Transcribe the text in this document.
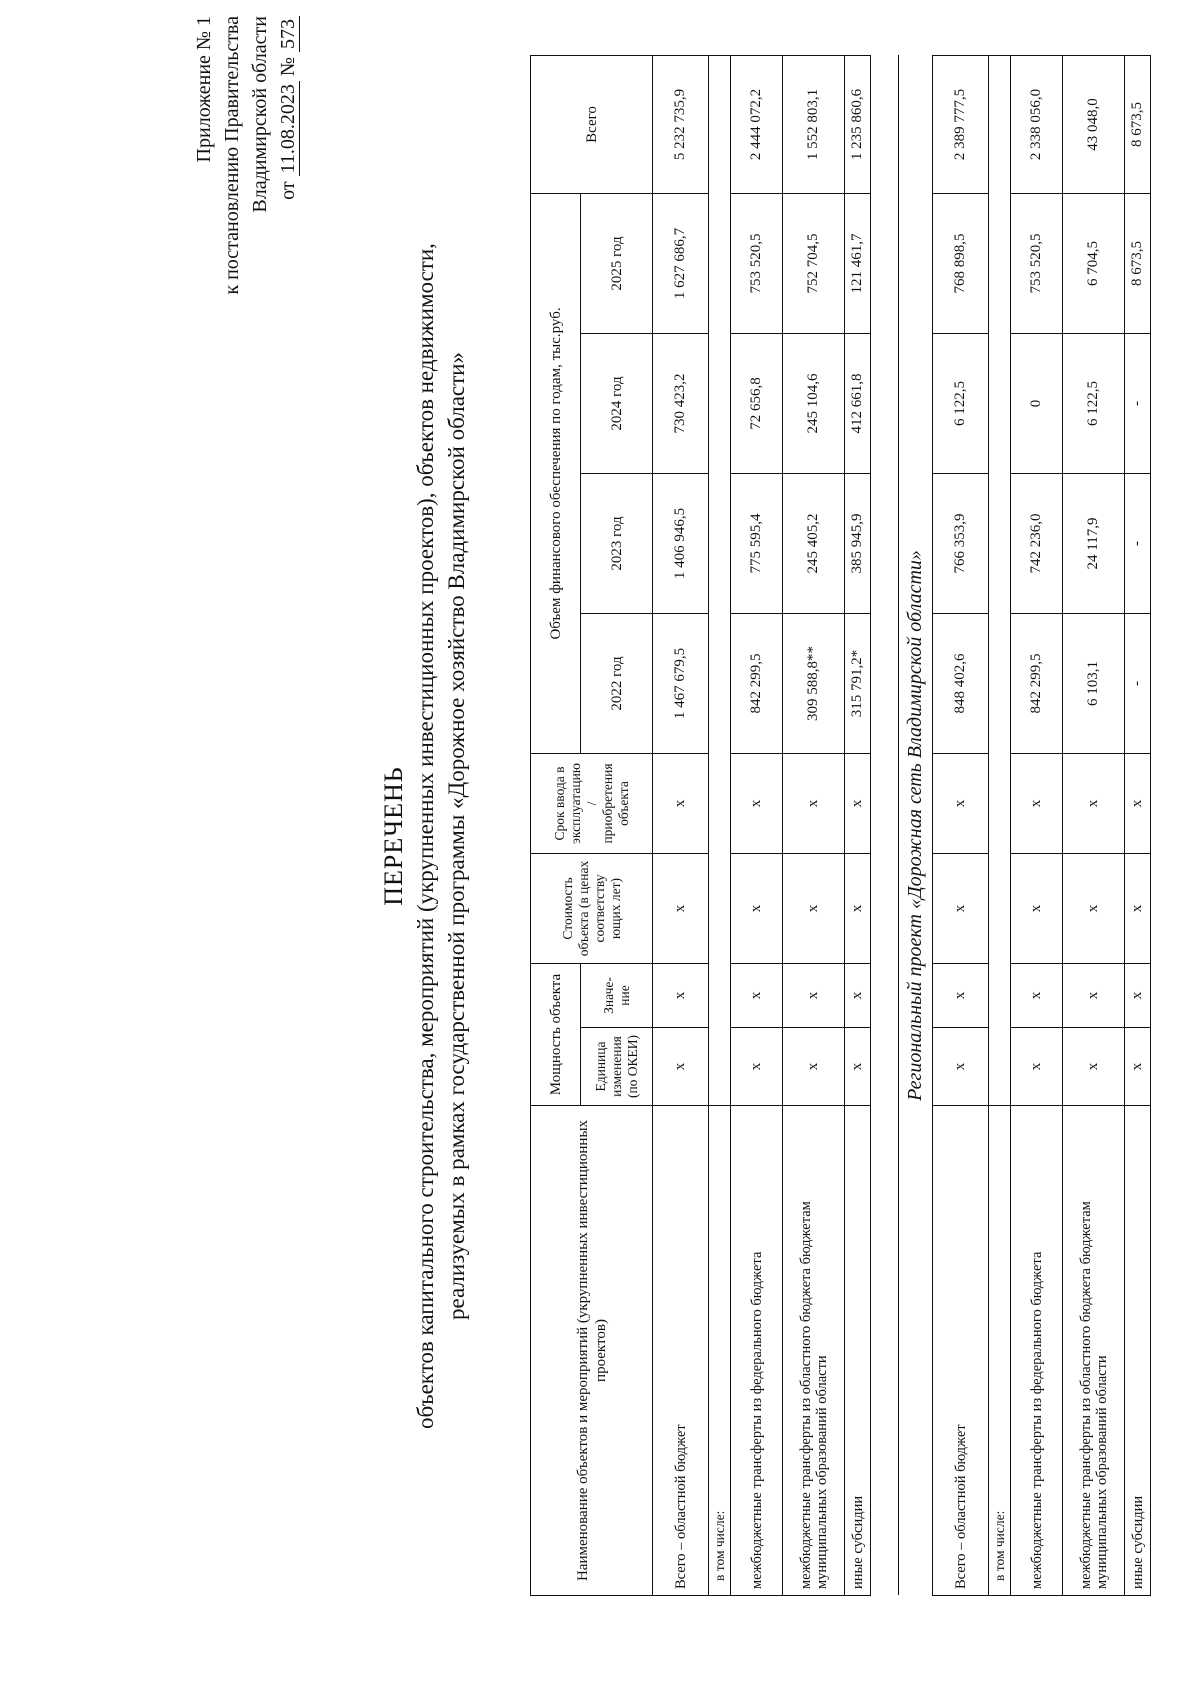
Приложение № 1 к постановлению Правительства Владимирской области от 11.08.2023 № 573
ПЕРЕЧЕНЬ объектов капитального строительства, мероприятий (укрупненных инвестиционных проектов), объектов недвижимости, реализуемых в рамках государственной программы «Дорожное хозяйство Владимирской области»
Наименование объектов и мероприятий (укрупненных инвестиционных проектов)	Мощность объекта		Стоимость объекта (в ценах соответству ющих лет)	Срок ввода в эксплуатацию / приобретения объекта	Объем финансового обеспечения по годам, тыс.руб.				Всего
	Единица изменения (по ОКЕИ)	Значе-ние			2022 год	2023 год	2024 год	2025 год	
Всего – областной бюджет	х	х	х	х	1 467 679,5	1 406 946,5	730 423,2	1 627 686,7	5 232 735,9
в том числе:									
межбюджетные трансферты из федерального бюджета	х	х	х	х	842 299,5	775 595,4	72 656,8	753 520,5	2 444 072,2
межбюджетные трансферты из областного бюджета бюджетам муниципальных образований области	х	х	х	х	309 588,8**	245 405,2	245 104,6	752 704,5	1 552 803,1
иные субсидии	х	х	х	х	315 791,2*	385 945,9	412 661,8	121 461,7	1 235 860,6

Региональный проект «Дорожная сеть Владимирской области»									
Всего – областной бюджет	х	х	х	х	848 402,6	766 353,9	6 122,5	768 898,5	2 389 777,5
в том числе:									
межбюджетные трансферты из федерального бюджета	х	х	х	х	842 299,5	742 236,0	0	753 520,5	2 338 056,0
межбюджетные трансферты из областного бюджета бюджетам муниципальных образований области	х	х	х	х	6 103,1	24 117,9	6 122,5	6 704,5	43 048,0
иные субсидии	х	х	х	х	-	-	-	8 673,5	8 673,5
